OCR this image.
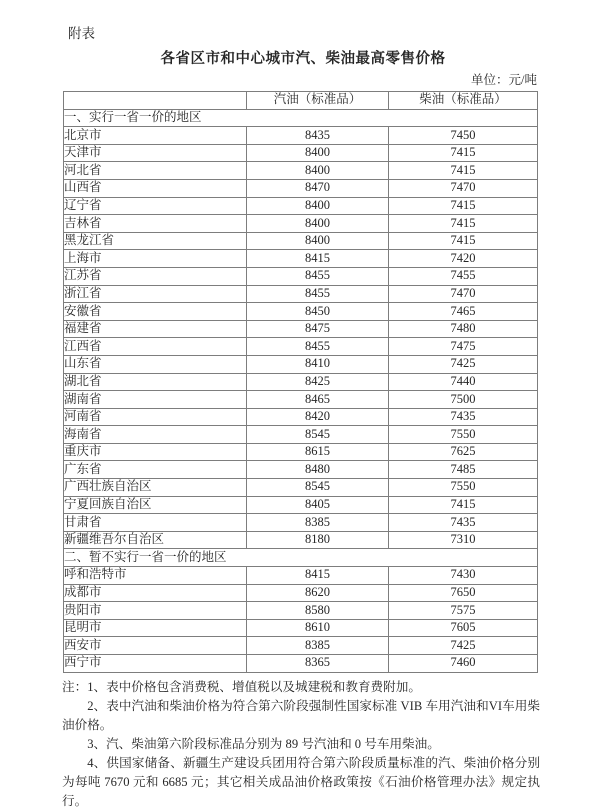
附表
各省区市和中心城市汽、柴油最高零售价格
单位：元/吨
	汽油（标准品）	柴油（标准品）
一、实行一省一价的地区		
北京市	8435	7450
天津市	8400	7415
河北省	8400	7415
山西省	8470	7470
辽宁省	8400	7415
吉林省	8400	7415
黑龙江省	8400	7415
上海市	8415	7420
江苏省	8455	7455
浙江省	8455	7470
安徽省	8450	7465
福建省	8475	7480
江西省	8455	7475
山东省	8410	7425
湖北省	8425	7440
湖南省	8465	7500
河南省	8420	7435
海南省	8545	7550
重庆市	8615	7625
广东省	8480	7485
广西壮族自治区	8545	7550
宁夏回族自治区	8405	7415
甘肃省	8385	7435
新疆维吾尔自治区	8180	7310
二、暂不实行一省一价的地区		
呼和浩特市	8415	7430
成都市	8620	7650
贵阳市	8580	7575
昆明市	8610	7605
西安市	8385	7425
西宁市	8365	7460

注：1、表中价格包含消费税、增值税以及城建税和教育费附加。

2、表中汽油和柴油价格为符合第六阶段强制性国家标准 VIB 车用汽油和VI车用柴油价格。

3、汽、柴油第六阶段标准品分别为 89 号汽油和 0 号车用柴油。

4、供国家储备、新疆生产建设兵团用符合第六阶段质量标准的汽、柴油价格分别为每吨 7670 元和 6685 元；其它相关成品油价格政策按《石油价格管理办法》规定执行。
